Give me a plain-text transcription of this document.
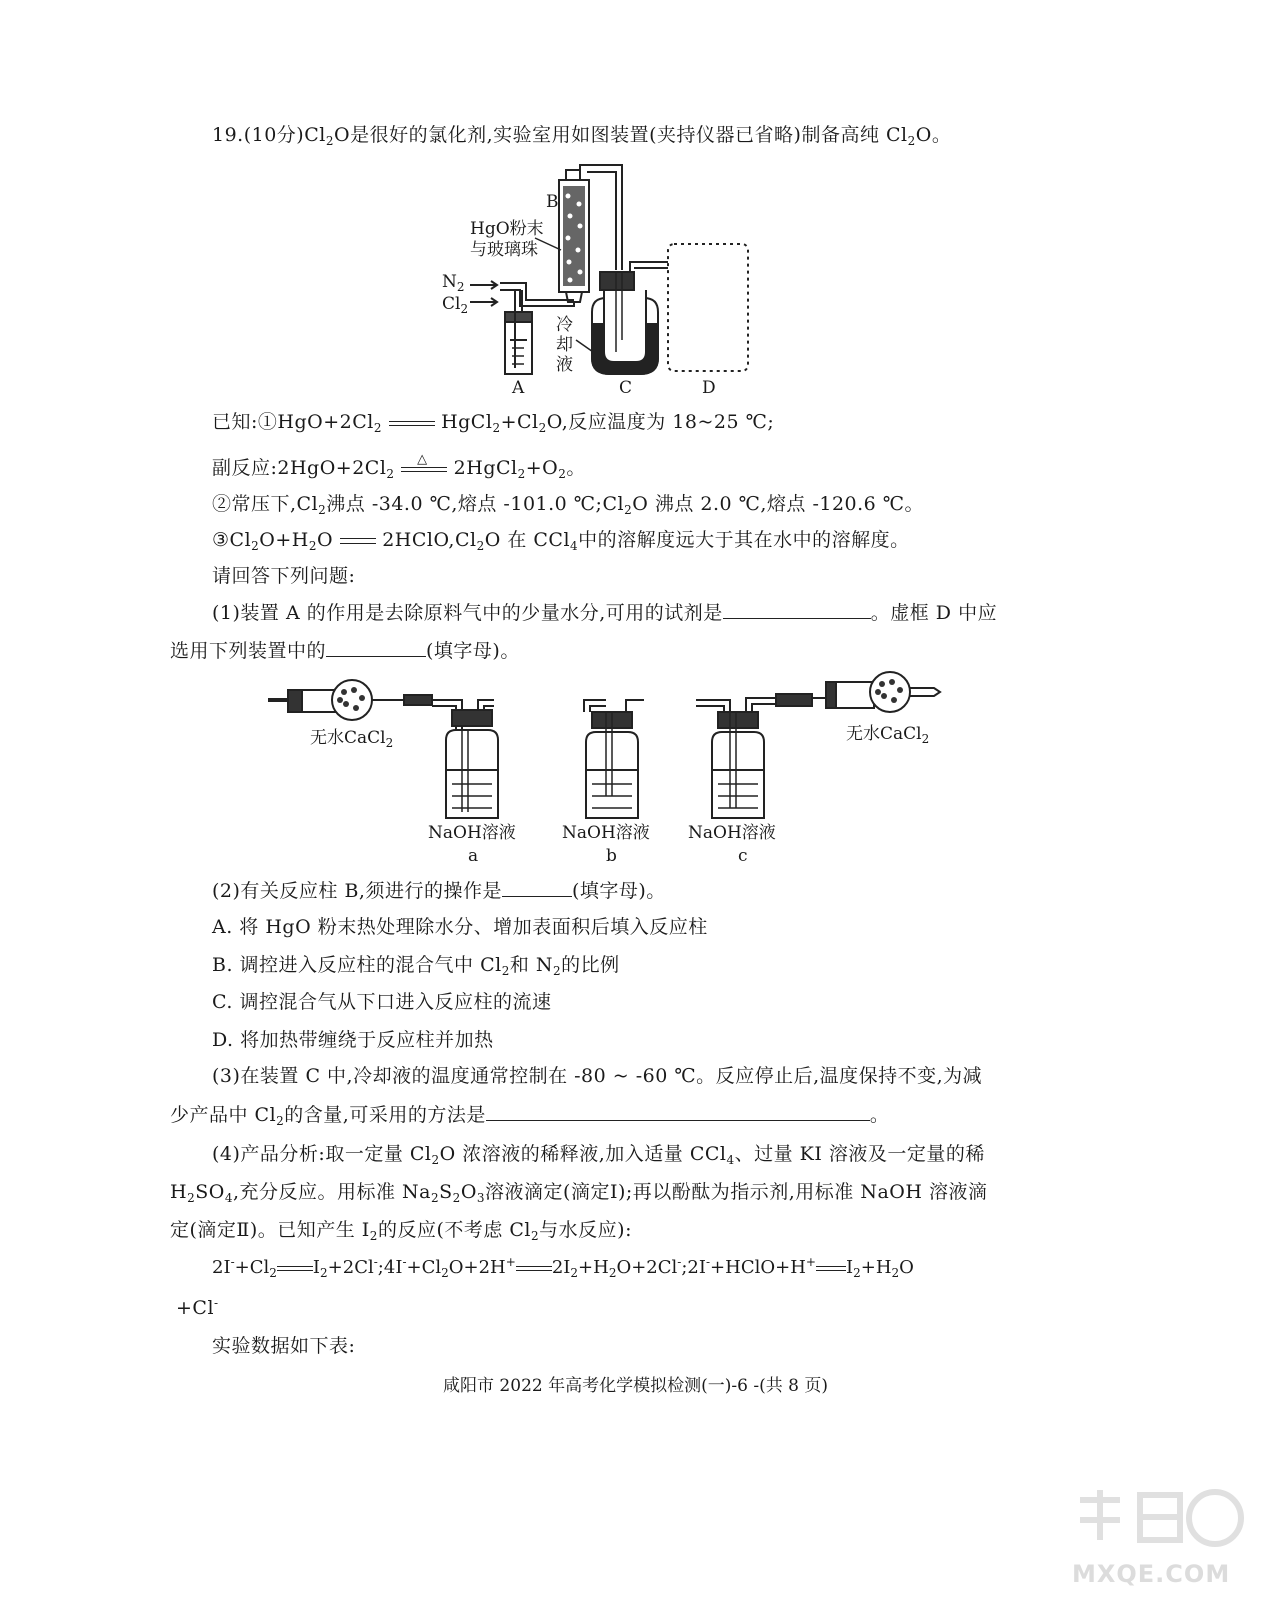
19.(10分)$Cl_2O$是很好的氯化剂,实验室用如图装置(夹持仪器已省略)制备高纯 $Cl_2O$。
B
HgO粉末
与玻璃珠
$N_2$
$Cl_2$
冷
却
液
A	C	D
已知$:①HgO+2Cl_2$	$HgCl_2+Cl_2O$,反应温度为 18~25 ℃;
副反应$:2HgO+2Cl_2$
△ $2HgCl_2+O_2$。
②常压下$,Cl_2$沸点 -34.0 ℃,熔点 -101.0 $℃;Cl_2O$ 沸点 2.0 ℃,熔点 -120.6 ℃。
$③Cl_2O+H_2O$	$2HClO,Cl_2O$ 在 CCl$_4$中的溶解度远大于其在水中的溶解度。
请回答下列问题:
(1)装置 A 的作用是去除原料气中的少量水分,可用的试剂是	。虚框 D 中应
选用下列装置中的	(填字母)。
无水CaCl$_2$	无水CaCl$_2$
NaOH溶液	NaOH溶液 NaOH溶液
a	b	c
(2)有关反应柱 B,须进行的操作是	(填字母)。
A. 将 HgO 粉末热处理除水分、增加表面积后填入反应柱
B. 调控进入反应柱的混合气中 $Cl_2$和 $N_2$的比例
C. 调控混合气从下口进入反应柱的流速
D. 将加热带缠绕于反应柱并加热
(3)在装置 C 中,冷却液的温度通常控制在 -80 ~ -60 ℃。反应停止后,温度保持不变,为减
少产品中 $Cl_2$的含量,可采用的方法是	。
(4)产品分析:取一定量 $Cl_2O$ 浓溶液的稀释液,加入适量 CCl$_4$、过量 KI 溶液及一定量的稀
$H_2SO_4$,充分反应。用标准 $Na_2S_2O_3$溶液滴定(滴定Ⅰ);再以酚酞为指示剂,用标准 NaOH 溶液滴
定(滴定Ⅱ)。已知产生 $I_2$的反应(不考虑 $Cl_2$与水反应):
$2I^-+Cl_2$ $I_2+2Cl^-;4I^-+Cl_2O+2H^+$ $2I_2+H_2O+2Cl^-;2I^-+HClO+H^+$ $I_2+H_2O$
+Cl-
实验数据如下表:
咸阳市 2022 年高考化学模拟检测(一)-6 -(共 8 页)
MXQE.COM
